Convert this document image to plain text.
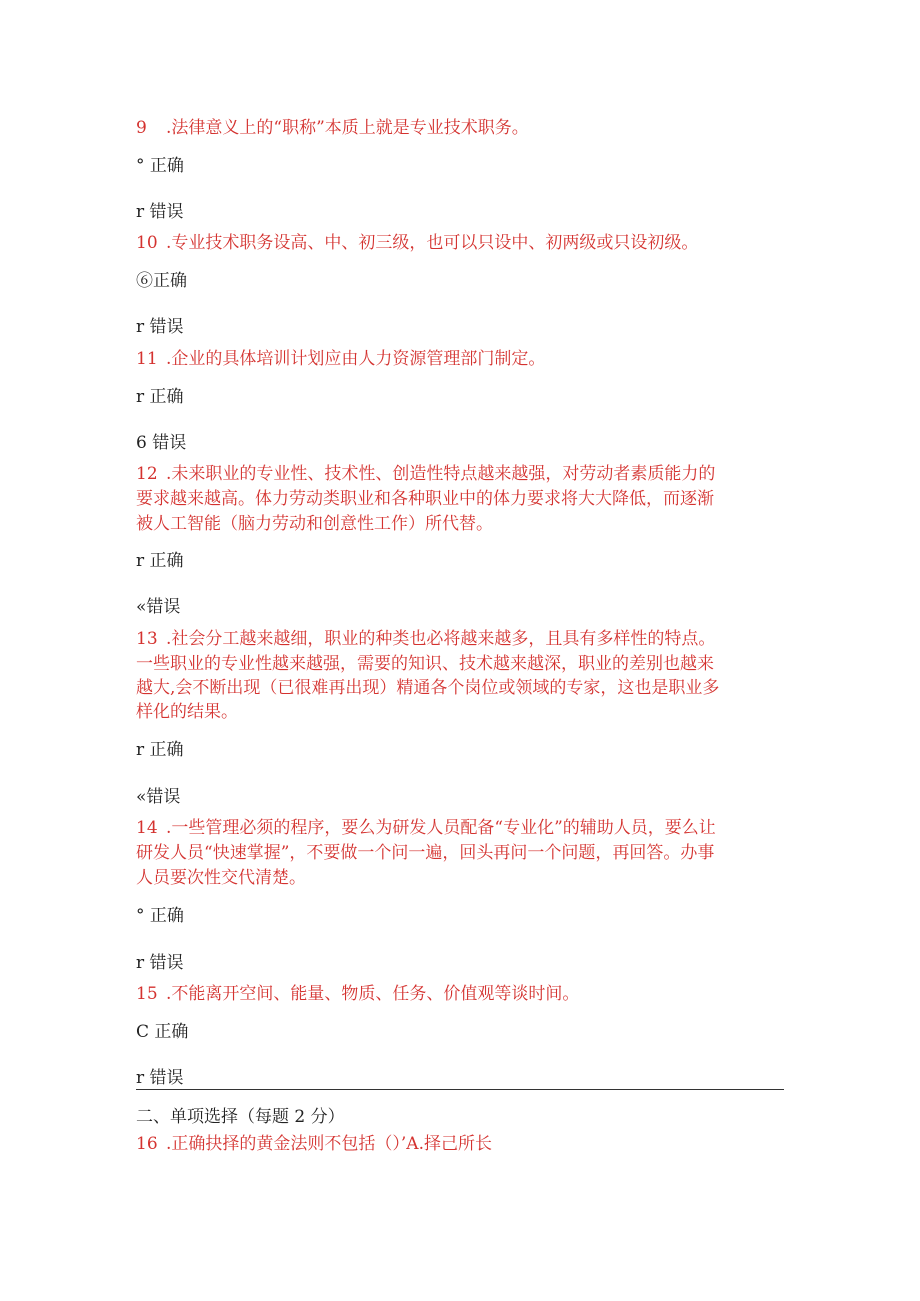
9 .法律意义上的“职称”本质上就是专业技术职务。
° 正确
r 错误
10 .专业技术职务设高、中、初三级，也可以只设中、初两级或只设初级。
⑥正确
r 错误
11 .企业的具体培训计划应由人力资源管理部门制定。
r 正确
6 错误
12 .未来职业的专业性、技术性、创造性特点越来越强，对劳动者素质能力的
要求越来越高。体力劳动类职业和各种职业中的体力要求将大大降低，而逐渐
被人工智能（脑力劳动和创意性工作）所代替。
r 正确
«错误
13 .社会分工越来越细，职业的种类也必将越来越多，且具有多样性的特点。
一些职业的专业性越来越强，需要的知识、技术越来越深，职业的差别也越来
越大,会不断出现（已很难再出现）精通各个岗位或领域的专家，这也是职业多
样化的结果。
r 正确
«错误
14 .一些管理必须的程序，要么为研发人员配备“专业化”的辅助人员，要么让
研发人员“快速掌握”，不要做一个问一遍，回头再问一个问题，再回答。办事
人员要次性交代清楚。
° 正确
r 错误
15 .不能离开空间、能量、物质、任务、价值观等谈时间。
C 正确
r 错误
二、单项选择（每题 2 分）
16 .正确抉择的黄金法则不包括（）’A.择己所长
